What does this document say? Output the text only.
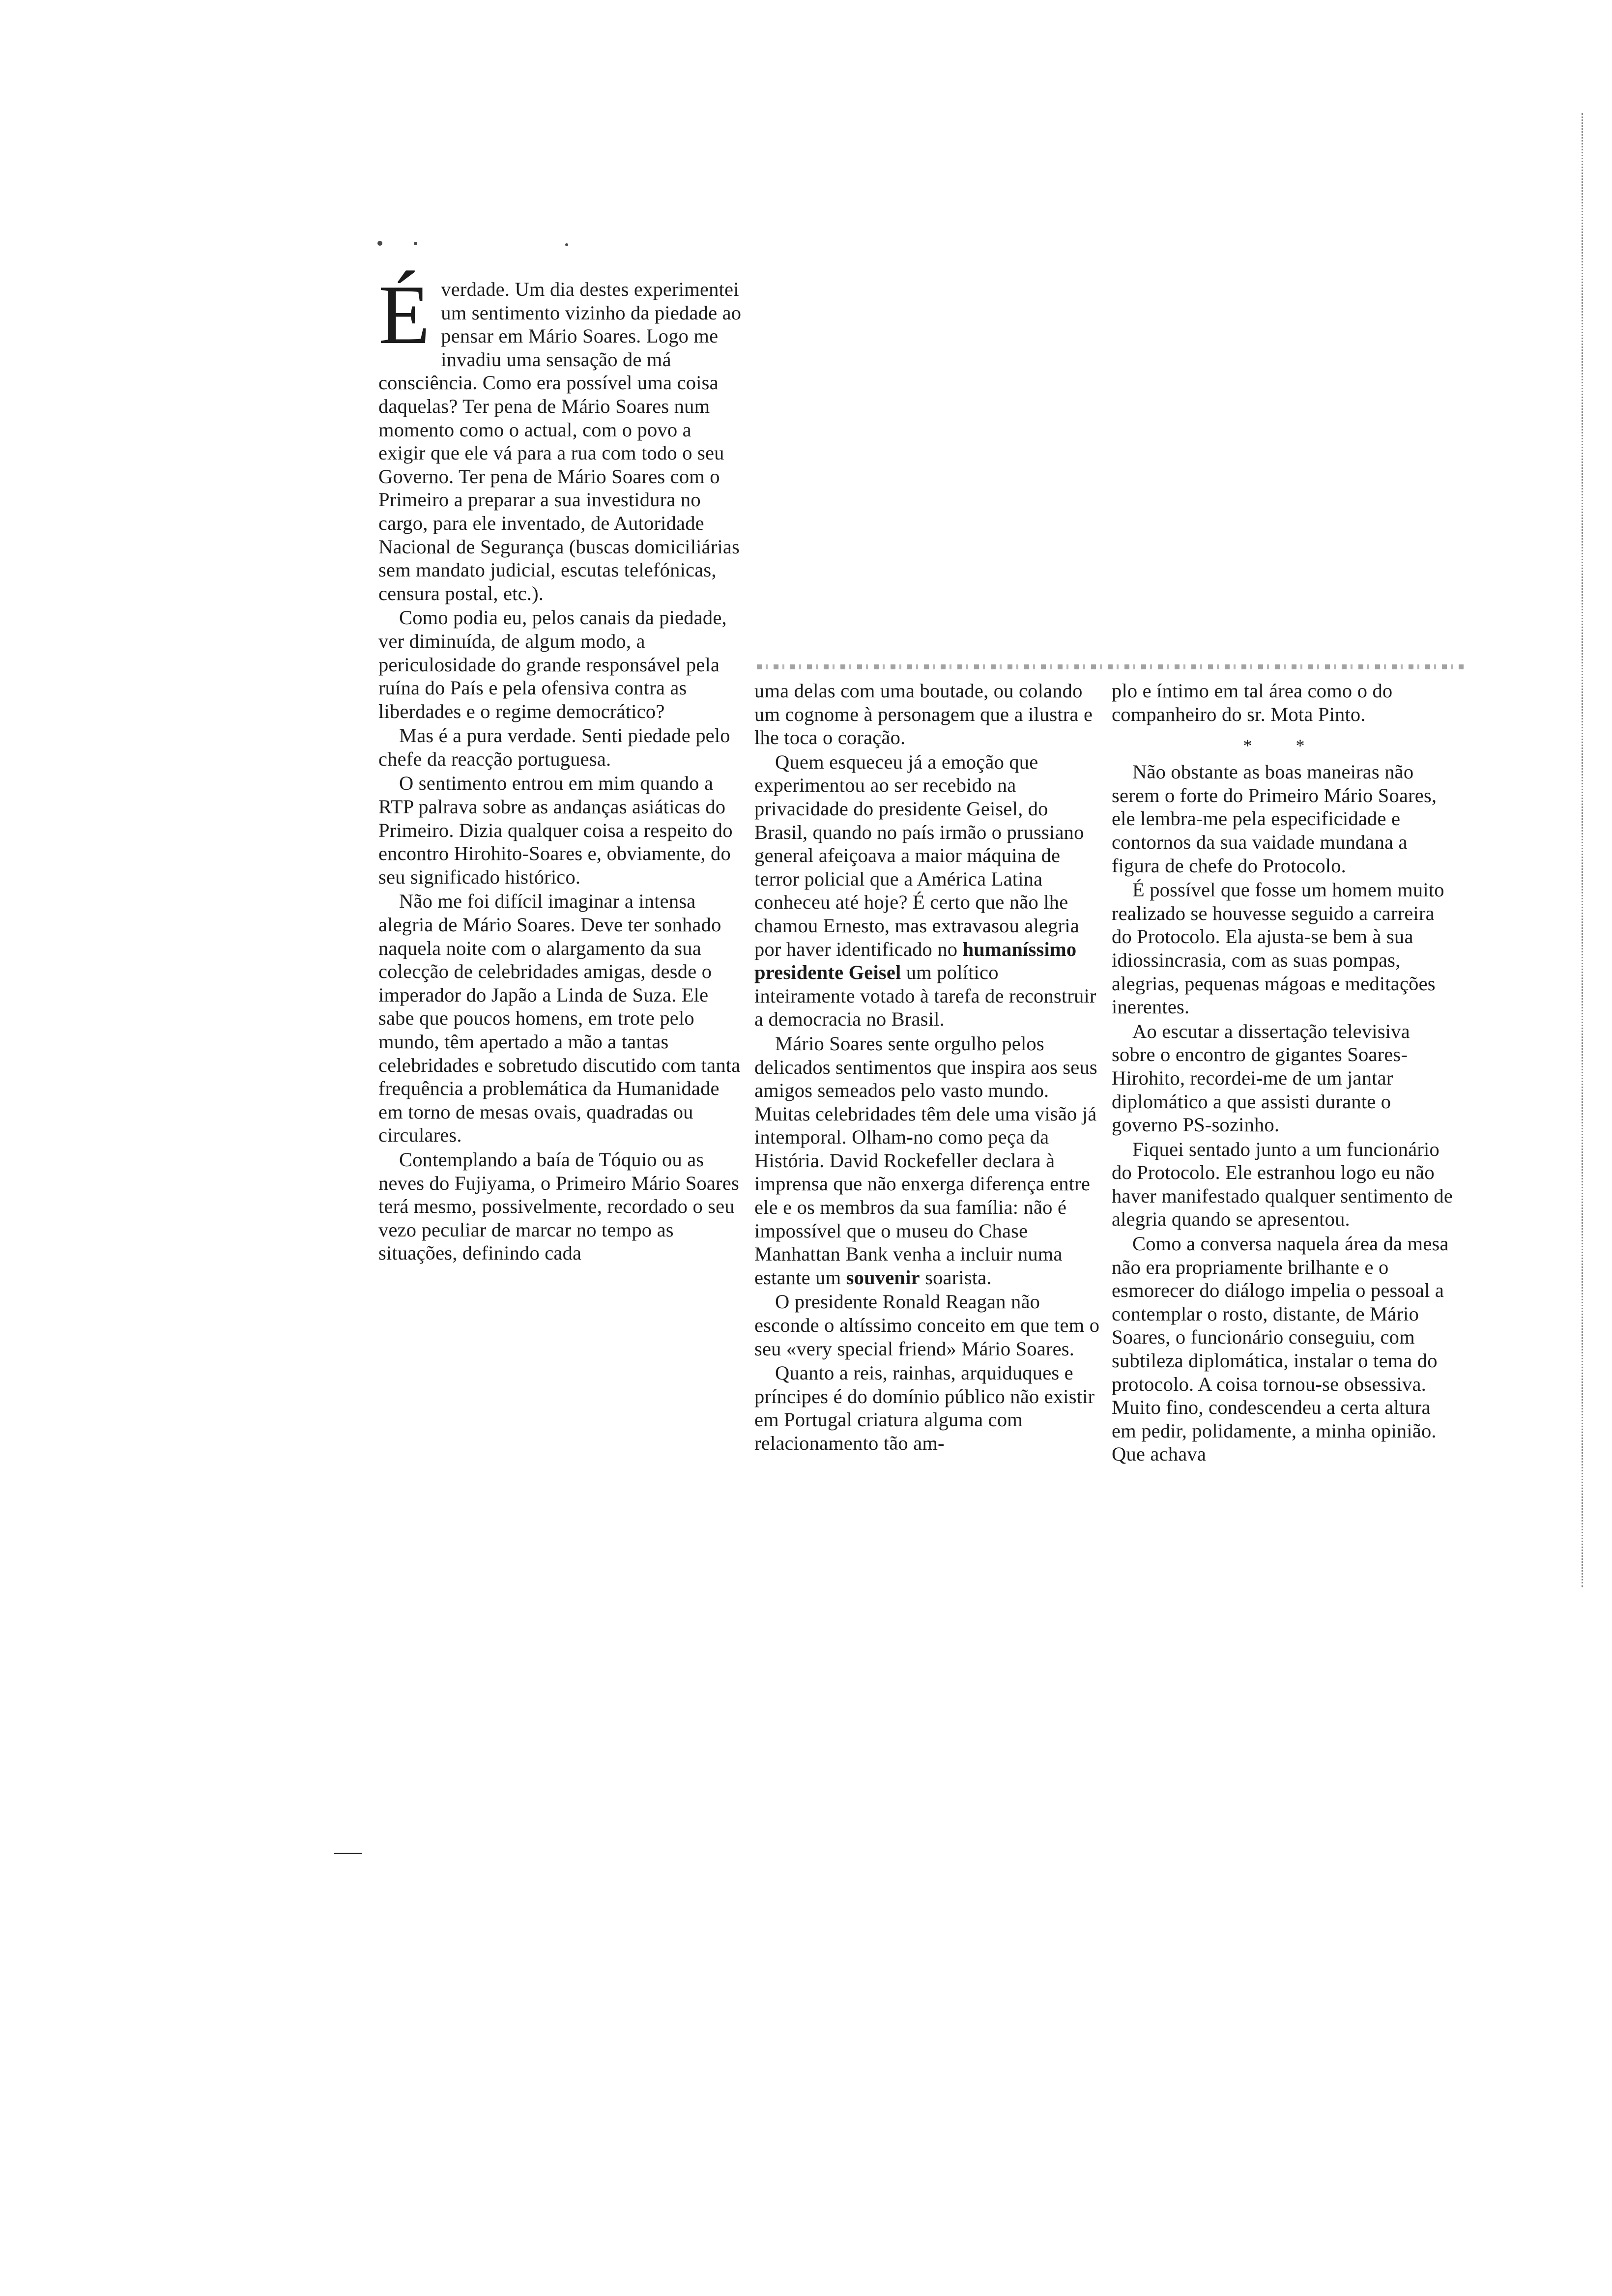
É verdade. Um dia destes experimentei um sentimento vizinho da piedade ao pensar em Mário Soares. Logo me invadiu uma sensação de má consciência. Como era possível uma coisa daquelas? Ter pena de Mário Soares num momento como o actual, com o povo a exigir que ele vá para a rua com todo o seu Governo. Ter pena de Mário Soares com o Primeiro a preparar a sua investidura no cargo, para ele inventado, de Autoridade Nacional de Segurança (buscas domiciliárias sem mandato judicial, escutas telefónicas, censura postal, etc.).

Como podia eu, pelos canais da piedade, ver diminuída, de algum modo, a periculosidade do grande responsável pela ruína do País e pela ofensiva contra as liberdades e o regime democrático?

Mas é a pura verdade. Senti piedade pelo chefe da reacção portuguesa.

O sentimento entrou em mim quando a RTP palrava sobre as andanças asiáticas do Primeiro. Dizia qualquer coisa a respeito do encontro Hirohito-Soares e, obviamente, do seu significado histórico.

Não me foi difícil imaginar a intensa alegria de Mário Soares. Deve ter sonhado naquela noite com o alargamento da sua colecção de celebridades amigas, desde o imperador do Japão a Linda de Suza. Ele sabe que poucos homens, em trote pelo mundo, têm apertado a mão a tantas celebridades e sobretudo discutido com tanta frequência a problemática da Humanidade em torno de mesas ovais, quadradas ou circulares.

Contemplando a baía de Tóquio ou as neves do Fujiyama, o Primeiro Mário Soares terá mesmo, possivelmente, recordado o seu vezo peculiar de marcar no tempo as situações, definindo cada

uma delas com uma boutade, ou colando um cognome à personagem que a ilustra e lhe toca o coração.

Quem esqueceu já a emoção que experimentou ao ser recebido na privacidade do presidente Geisel, do Brasil, quando no país irmão o prussiano general afeiçoava a maior máquina de terror policial que a América Latina conheceu até hoje? É certo que não lhe chamou Ernesto, mas extravasou alegria por haver identificado no humaníssimo presidente Geisel um político inteiramente votado à tarefa de reconstruir a democracia no Brasil.

Mário Soares sente orgulho pelos delicados sentimentos que inspira aos seus amigos semeados pelo vasto mundo. Muitas celebridades têm dele uma visão já intemporal. Olham-no como peça da História. David Rockefeller declara à imprensa que não enxerga diferença entre ele e os membros da sua família: não é impossível que o museu do Chase Manhattan Bank venha a incluir numa estante um souvenir soarista.

O presidente Ronald Reagan não esconde o altíssimo conceito em que tem o seu «very special friend» Mário Soares.

Quanto a reis, rainhas, arquiduques e príncipes é do domínio público não existir em Portugal criatura alguma com relacionamento tão am-

plo e íntimo em tal área como o do companheiro do sr. Mota Pinto.

* *

Não obstante as boas maneiras não serem o forte do Primeiro Mário Soares, ele lembra-me pela especificidade e contornos da sua vaidade mundana a figura de chefe do Protocolo.

É possível que fosse um homem muito realizado se houvesse seguido a carreira do Protocolo. Ela ajusta-se bem à sua idiossincrasia, com as suas pompas, alegrias, pequenas mágoas e meditações inerentes.

Ao escutar a dissertação televisiva sobre o encontro de gigantes Soares-Hirohito, recordei-me de um jantar diplomático a que assisti durante o governo PS-sozinho.

Fiquei sentado junto a um funcionário do Protocolo. Ele estranhou logo eu não haver manifestado qualquer sentimento de alegria quando se apresentou.

Como a conversa naquela área da mesa não era propriamente brilhante e o esmorecer do diálogo impelia o pessoal a contemplar o rosto, distante, de Mário Soares, o funcionário conseguiu, com subtileza diplomática, instalar o tema do protocolo. A coisa tornou-se obsessiva. Muito fino, condescendeu a certa altura em pedir, polidamente, a minha opinião. Que achava
